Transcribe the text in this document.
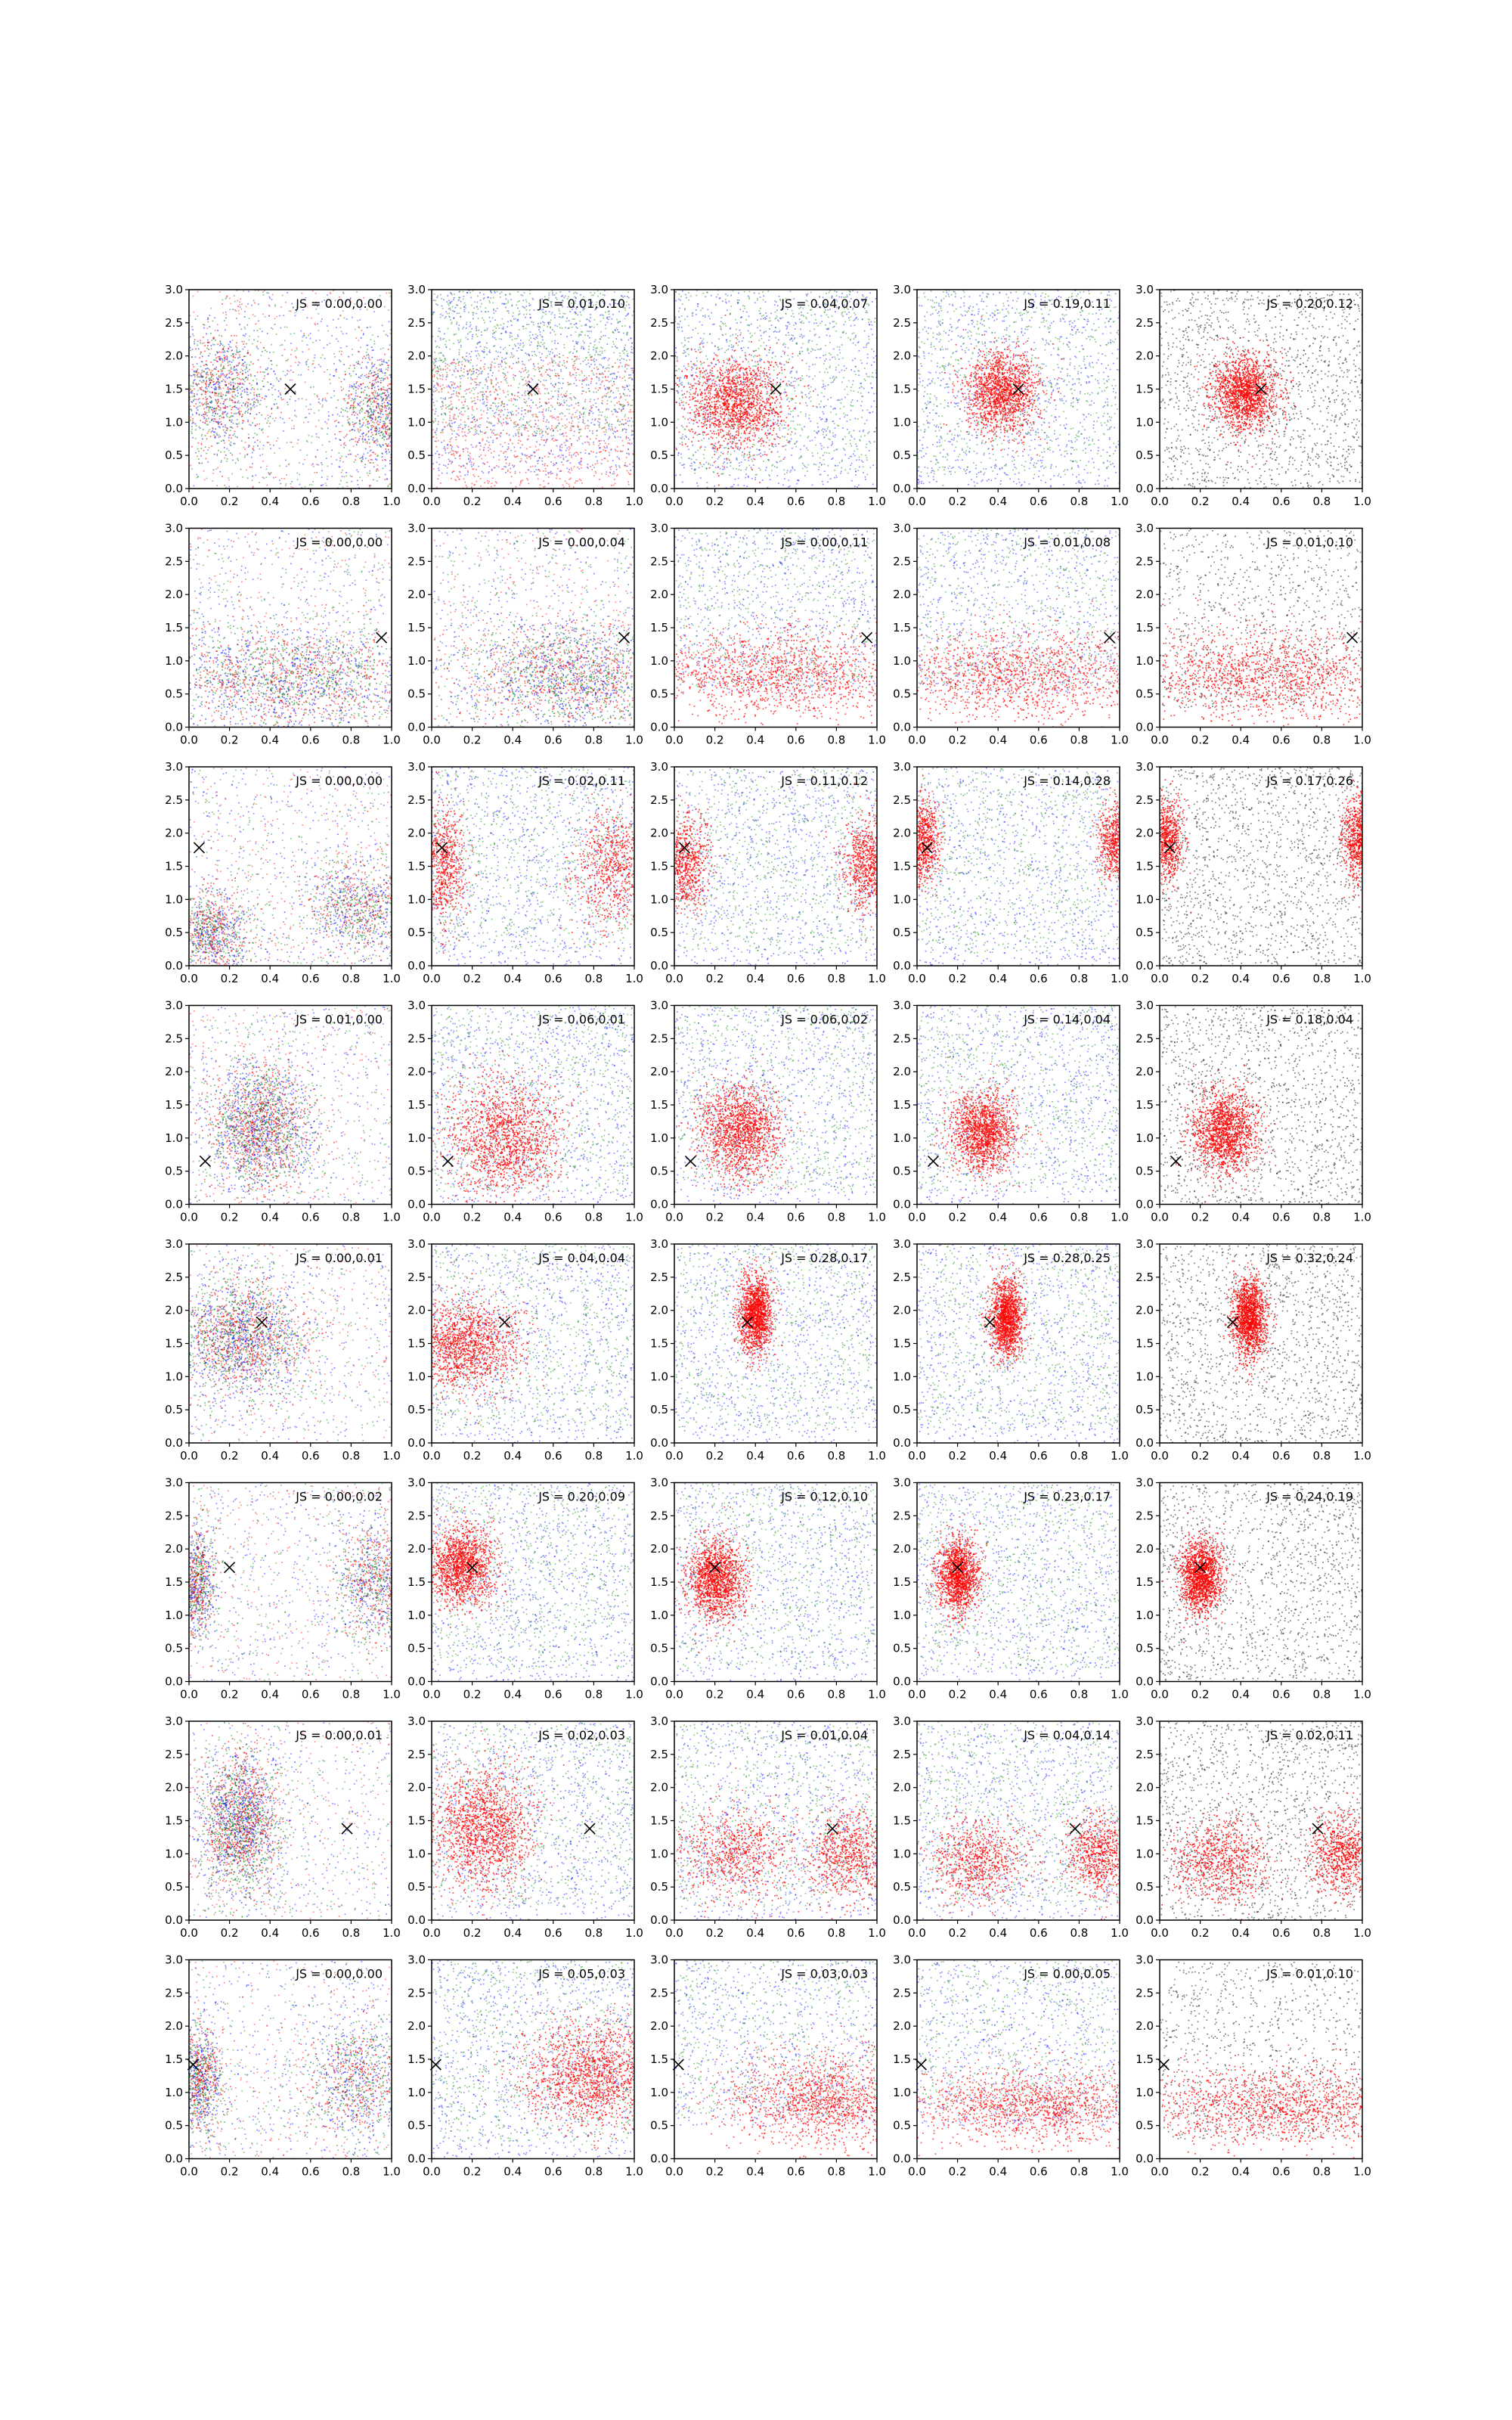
JS = 0.00,0.00
0.0 0.2 0.4 0.6 0.8 1.0
0.0
0.5
1.0
1.5
2.0
2.5
3.0
JS = 0.01,0.10
0.0 0.2 0.4 0.6 0.8 1.0
0.0
0.5
1.0
1.5
2.0
2.5
3.0
JS = 0.04,0.07
0.0 0.2 0.4 0.6 0.8 1.0
0.0
0.5
1.0
1.5
2.0
2.5
3.0
JS = 0.19,0.11
0.0 0.2 0.4 0.6 0.8 1.0
0.0
0.5
1.0
1.5
2.0
2.5
3.0
JS = 0.20,0.12
0.0 0.2 0.4 0.6 0.8 1.0
0.0
0.5
1.0
1.5
2.0
2.5
3.0
JS = 0.00,0.00
0.0 0.2 0.4 0.6 0.8 1.0
0.0
0.5
1.0
1.5
2.0
2.5
3.0
JS = 0.00,0.04
0.0 0.2 0.4 0.6 0.8 1.0
0.0
0.5
1.0
1.5
2.0
2.5
3.0
JS = 0.00,0.11
0.0 0.2 0.4 0.6 0.8 1.0
0.0
0.5
1.0
1.5
2.0
2.5
3.0
JS = 0.01,0.08
0.0 0.2 0.4 0.6 0.8 1.0
0.0
0.5
1.0
1.5
2.0
2.5
3.0
JS = 0.01,0.10
0.0 0.2 0.4 0.6 0.8 1.0
0.0
0.5
1.0
1.5
2.0
2.5
3.0
JS = 0.00,0.00
0.0 0.2 0.4 0.6 0.8 1.0
0.0
0.5
1.0
1.5
2.0
2.5
3.0
JS = 0.02,0.11
0.0 0.2 0.4 0.6 0.8 1.0
0.0
0.5
1.0
1.5
2.0
2.5
3.0
JS = 0.11,0.12
0.0 0.2 0.4 0.6 0.8 1.0
0.0
0.5
1.0
1.5
2.0
2.5
3.0
JS = 0.14,0.28
0.0 0.2 0.4 0.6 0.8 1.0
0.0
0.5
1.0
1.5
2.0
2.5
3.0
JS = 0.17,0.26
0.0 0.2 0.4 0.6 0.8 1.0
0.0
0.5
1.0
1.5
2.0
2.5
3.0
JS = 0.01,0.00
0.0 0.2 0.4 0.6 0.8 1.0
0.0
0.5
1.0
1.5
2.0
2.5
3.0
JS = 0.06,0.01
0.0 0.2 0.4 0.6 0.8 1.0
0.0
0.5
1.0
1.5
2.0
2.5
3.0
JS = 0.06,0.02
0.0 0.2 0.4 0.6 0.8 1.0
0.0
0.5
1.0
1.5
2.0
2.5
3.0
JS = 0.14,0.04
0.0 0.2 0.4 0.6 0.8 1.0
0.0
0.5
1.0
1.5
2.0
2.5
3.0
JS = 0.18,0.04
0.0 0.2 0.4 0.6 0.8 1.0
0.0
0.5
1.0
1.5
2.0
2.5
3.0
JS = 0.00,0.01
0.0 0.2 0.4 0.6 0.8 1.0
0.0
0.5
1.0
1.5
2.0
2.5
3.0
JS = 0.04,0.04
0.0 0.2 0.4 0.6 0.8 1.0
0.0
0.5
1.0
1.5
2.0
2.5
3.0
JS = 0.28,0.17
0.0 0.2 0.4 0.6 0.8 1.0
0.0
0.5
1.0
1.5
2.0
2.5
3.0
JS = 0.28,0.25
0.0 0.2 0.4 0.6 0.8 1.0
0.0
0.5
1.0
1.5
2.0
2.5
3.0
JS = 0.32,0.24
0.0 0.2 0.4 0.6 0.8 1.0
0.0
0.5
1.0
1.5
2.0
2.5
3.0
JS = 0.00,0.02
0.0 0.2 0.4 0.6 0.8 1.0
0.0
0.5
1.0
1.5
2.0
2.5
3.0
JS = 0.20,0.09
0.0 0.2 0.4 0.6 0.8 1.0
0.0
0.5
1.0
1.5
2.0
2.5
3.0
JS = 0.12,0.10
0.0 0.2 0.4 0.6 0.8 1.0
0.0
0.5
1.0
1.5
2.0
2.5
3.0
JS = 0.23,0.17
0.0 0.2 0.4 0.6 0.8 1.0
0.0
0.5
1.0
1.5
2.0
2.5
3.0
JS = 0.24,0.19
0.0 0.2 0.4 0.6 0.8 1.0
0.0
0.5
1.0
1.5
2.0
2.5
3.0
JS = 0.00,0.01
0.0 0.2 0.4 0.6 0.8 1.0
0.0
0.5
1.0
1.5
2.0
2.5
3.0
JS = 0.02,0.03
0.0 0.2 0.4 0.6 0.8 1.0
0.0
0.5
1.0
1.5
2.0
2.5
3.0
JS = 0.01,0.04
0.0 0.2 0.4 0.6 0.8 1.0
0.0
0.5
1.0
1.5
2.0
2.5
3.0
JS = 0.04,0.14
0.0 0.2 0.4 0.6 0.8 1.0
0.0
0.5
1.0
1.5
2.0
2.5
3.0
JS = 0.02,0.11
0.0 0.2 0.4 0.6 0.8 1.0
0.0
0.5
1.0
1.5
2.0
2.5
3.0
JS = 0.00,0.00
0.0 0.2 0.4 0.6 0.8 1.0
0.0
0.5
1.0
1.5
2.0
2.5
3.0
JS = 0.05,0.03
0.0 0.2 0.4 0.6 0.8 1.0
0.0
0.5
1.0
1.5
2.0
2.5
3.0
JS = 0.03,0.03
0.0 0.2 0.4 0.6 0.8 1.0
0.0
0.5
1.0
1.5
2.0
2.5
3.0
JS = 0.00,0.05
0.0 0.2 0.4 0.6 0.8 1.0
0.0
0.5
1.0
1.5
2.0
2.5
3.0
JS = 0.01,0.10
0.0 0.2 0.4 0.6 0.8 1.0
0.0
0.5
1.0
1.5
2.0
2.5
3.0
